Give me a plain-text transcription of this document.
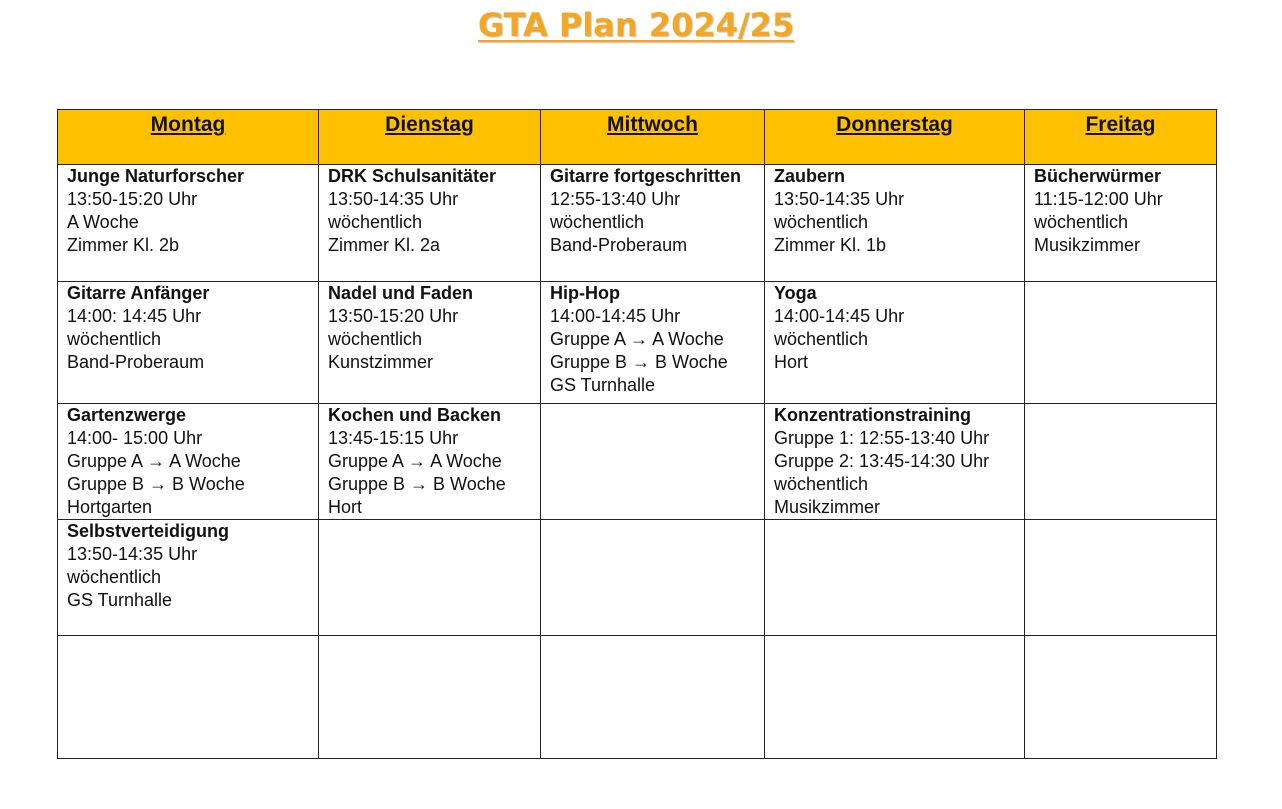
GTA Plan 2024/25
Montag	Dienstag	Mittwoch	Donnerstag	Freitag

Junge Naturforscher
13:50-15:20 Uhr
A Woche
Zimmer Kl. 2b	DRK Schulsanitäter
13:50-14:35 Uhr
wöchentlich
Zimmer Kl. 2a	Gitarre fortgeschritten
12:55-13:40 Uhr
wöchentlich
Band-Proberaum	Zaubern
13:50-14:35 Uhr
wöchentlich
Zimmer Kl. 1b	Bücherwürmer
11:15-12:00 Uhr
wöchentlich
Musikzimmer

Gitarre Anfänger
14:00: 14:45 Uhr
wöchentlich
Band-Proberaum	Nadel und Faden
13:50-15:20 Uhr
wöchentlich
Kunstzimmer	Hip-Hop
14:00-14:45 Uhr
Gruppe A → A Woche
Gruppe B → B Woche
GS Turnhalle	Yoga
14:00-14:45 Uhr
wöchentlich
Hort	

Gartenzwerge
14:00- 15:00 Uhr
Gruppe A → A Woche
Gruppe B → B Woche
Hortgarten	Kochen und Backen
13:45-15:15 Uhr
Gruppe A → A Woche
Gruppe B → B Woche
Hort		Konzentrationstraining
Gruppe 1: 12:55-13:40 Uhr
Gruppe 2: 13:45-14:30 Uhr
wöchentlich
Musikzimmer	

Selbstverteidigung
13:50-14:35 Uhr
wöchentlich
GS Turnhalle				
